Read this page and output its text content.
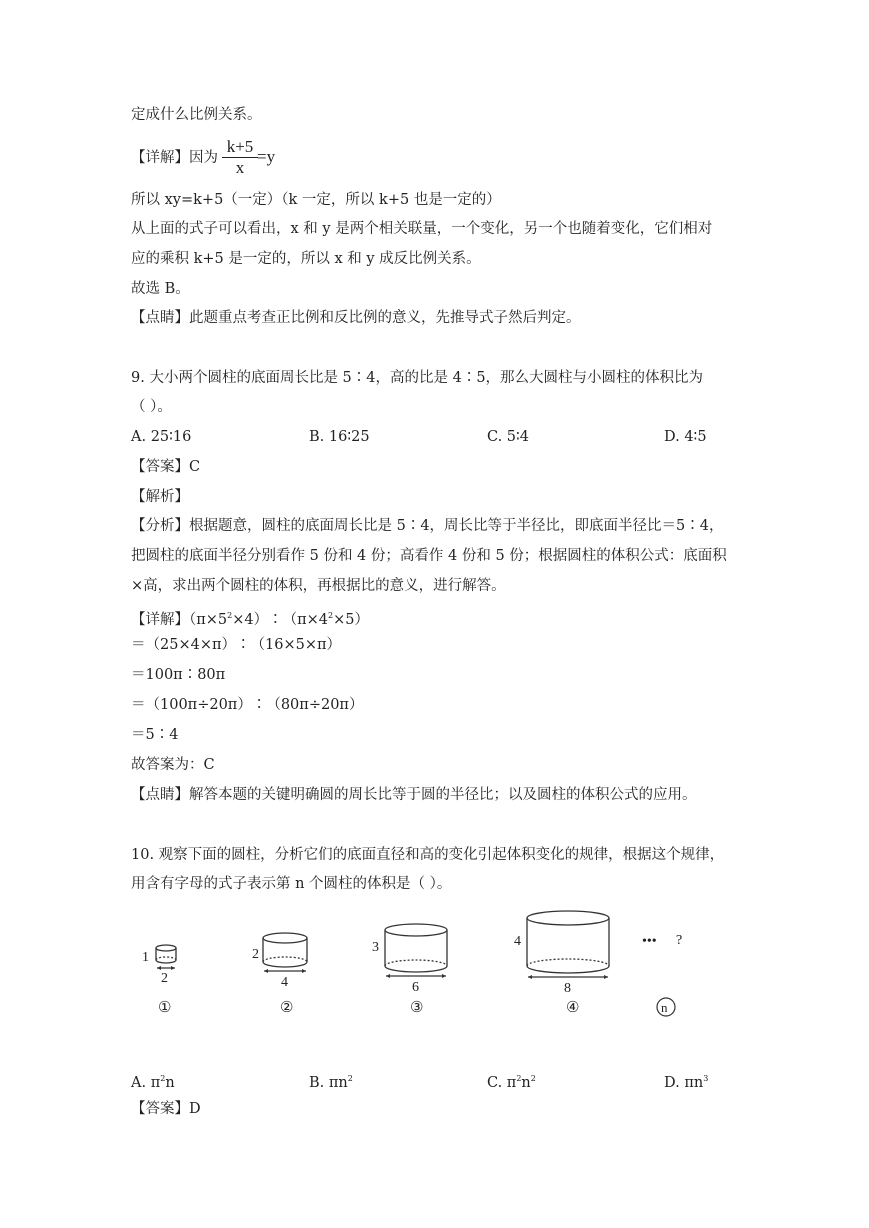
定成什么比例关系。
【详解】因为 $\frac{k+5}{x} =y$
所以 xy=k+5（一定）（k 一定，所以 k+5 也是一定的）
从上面的式子可以看出，x 和 y 是两个相关联量，一个变化，另一个也随着变化，它们相对
应的乘积 k+5 是一定的，所以 x 和 y 成反比例关系。
故选 B。
【点睛】此题重点考查正比例和反比例的意义，先推导式子然后判定。
9. 大小两个圆柱的底面周长比是 5∶4，高的比是 4∶5，那么大圆柱与小圆柱的体积比为
（ ）。
A. 25∶16	B. 16∶25	C. 5∶4	D. 4∶5
【答案】C
【解析】
【分析】根据题意，圆柱的底面周长比是 5∶4，周长比等于半径比，即底面半径比＝5∶4，
把圆柱的底面半径分别看作 5 份和 4 份；高看作 4 份和 5 份；根据圆柱的体积公式：底面积
×高，求出两个圆柱的体积，再根据比的意义，进行解答。
【详解】$(\pi\times 5^2\times 4)∶(\pi\times 4^2\times 5)$
＝（25×4×π）∶（16×5×π）
＝100π∶80π
＝（100π÷20π）∶（80π÷20π）
＝5∶4
故答案为：C
【点睛】解答本题的关键明确圆的周长比等于圆的半径比；以及圆柱的体积公式的应用。
10. 观察下面的圆柱，分析它们的底面直径和高的变化引起体积变化的规律，根据这个规律，
用含有字母的式子表示第 n 个圆柱的体积是（ ）。
1
2
①
2
4
②
3
6
③
4
8
④
••• ?
n
A. $\pi^2n$	B. $\pi n^2$	C. $\pi^2n^2$	D. $\pi n^3$
【答案】D
